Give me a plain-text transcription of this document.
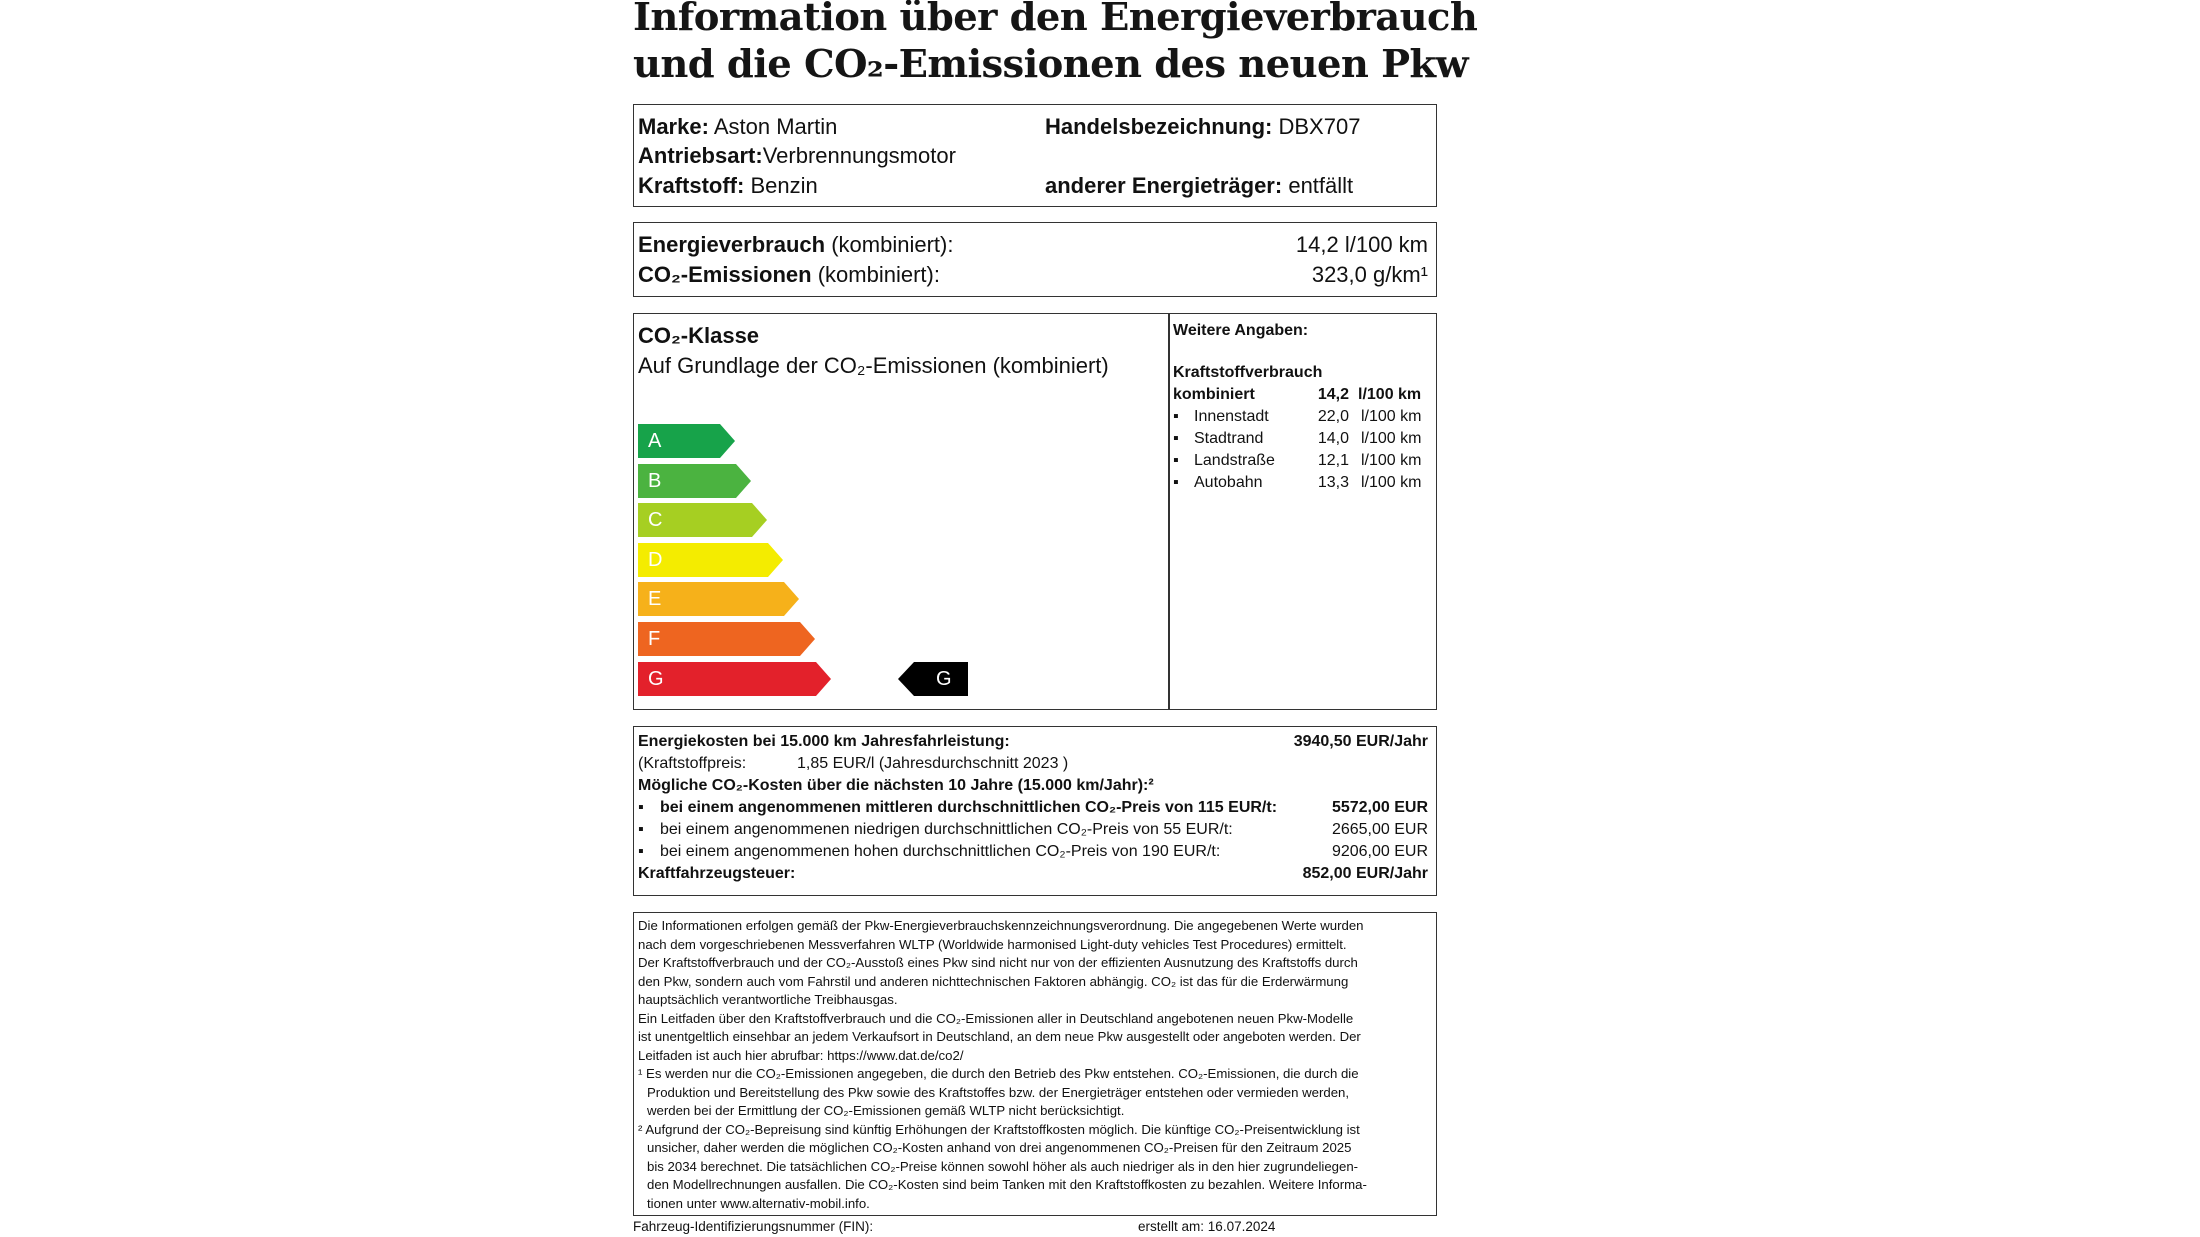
Information über den Energieverbrauch
und die CO₂-Emissionen des neuen Pkw
Marke: Aston Martin	Handelsbezeichnung: DBX707
Antriebsart:Verbrennungsmotor
Kraftstoff: Benzin	anderer Energieträger: entfällt
Energieverbrauch (kombiniert):	14,2 l/100 km
CO₂-Emissionen (kombiniert):	323,0 g/km¹
CO₂-Klasse
Auf Grundlage der CO₂-Emissionen (kombiniert)
A
B
C
D
E
F
G	G
Weitere Angaben:
Kraftstoffverbrauch
kombiniert	14,2 l/100 km
▪ Innenstadt	22,0 l/100 km
▪ Stadtrand	14,0 l/100 km
▪ Landstraße	12,1 l/100 km
▪ Autobahn	13,3 l/100 km
Energiekosten bei 15.000 km Jahresfahrleistung:	3940,50 EUR/Jahr
(Kraftstoffpreis:	1,85 EUR/l (Jahresdurchschnitt 2023 )
Mögliche CO₂-Kosten über die nächsten 10 Jahre (15.000 km/Jahr):²
▪ bei einem angenommenen mittleren durchschnittlichen CO₂-Preis von 115 EUR/t:	5572,00 EUR
▪ bei einem angenommenen niedrigen durchschnittlichen CO₂-Preis von 55 EUR/t:	2665,00 EUR
▪ bei einem angenommenen hohen durchschnittlichen CO₂-Preis von 190 EUR/t:	9206,00 EUR
Kraftfahrzeugsteuer:	852,00 EUR/Jahr
Die Informationen erfolgen gemäß der Pkw-Energieverbrauchskennzeichnungsverordnung. Die angegebenen Werte wurden
nach dem vorgeschriebenen Messverfahren WLTP (Worldwide harmonised Light-duty vehicles Test Procedures) ermittelt.
Der Kraftstoffverbrauch und der CO₂-Ausstoß eines Pkw sind nicht nur von der effizienten Ausnutzung des Kraftstoffs durch
den Pkw, sondern auch vom Fahrstil und anderen nichttechnischen Faktoren abhängig. CO₂ ist das für die Erderwärmung
hauptsächlich verantwortliche Treibhausgas.
Ein Leitfaden über den Kraftstoffverbrauch und die CO₂-Emissionen aller in Deutschland angebotenen neuen Pkw-Modelle
ist unentgeltlich einsehbar an jedem Verkaufsort in Deutschland, an dem neue Pkw ausgestellt oder angeboten werden. Der
Leitfaden ist auch hier abrufbar: https://www.dat.de/co2/
¹ Es werden nur die CO₂-Emissionen angegeben, die durch den Betrieb des Pkw entstehen. CO₂-Emissionen, die durch die
Produktion und Bereitstellung des Pkw sowie des Kraftstoffes bzw. der Energieträger entstehen oder vermieden werden,
werden bei der Ermittlung der CO₂-Emissionen gemäß WLTP nicht berücksichtigt.
² Aufgrund der CO₂-Bepreisung sind künftig Erhöhungen der Kraftstoffkosten möglich. Die künftige CO₂-Preisentwicklung ist
unsicher, daher werden die möglichen CO₂-Kosten anhand von drei angenommenen CO₂-Preisen für den Zeitraum 2025
bis 2034 berechnet. Die tatsächlichen CO₂-Preise können sowohl höher als auch niedriger als in den hier zugrundeliegen-
den Modellrechnungen ausfallen. Die CO₂-Kosten sind beim Tanken mit den Kraftstoffkosten zu bezahlen. Weitere Informa-
tionen unter www.alternativ-mobil.info.
Fahrzeug-Identifizierungsnummer (FIN):	erstellt am: 16.07.2024
